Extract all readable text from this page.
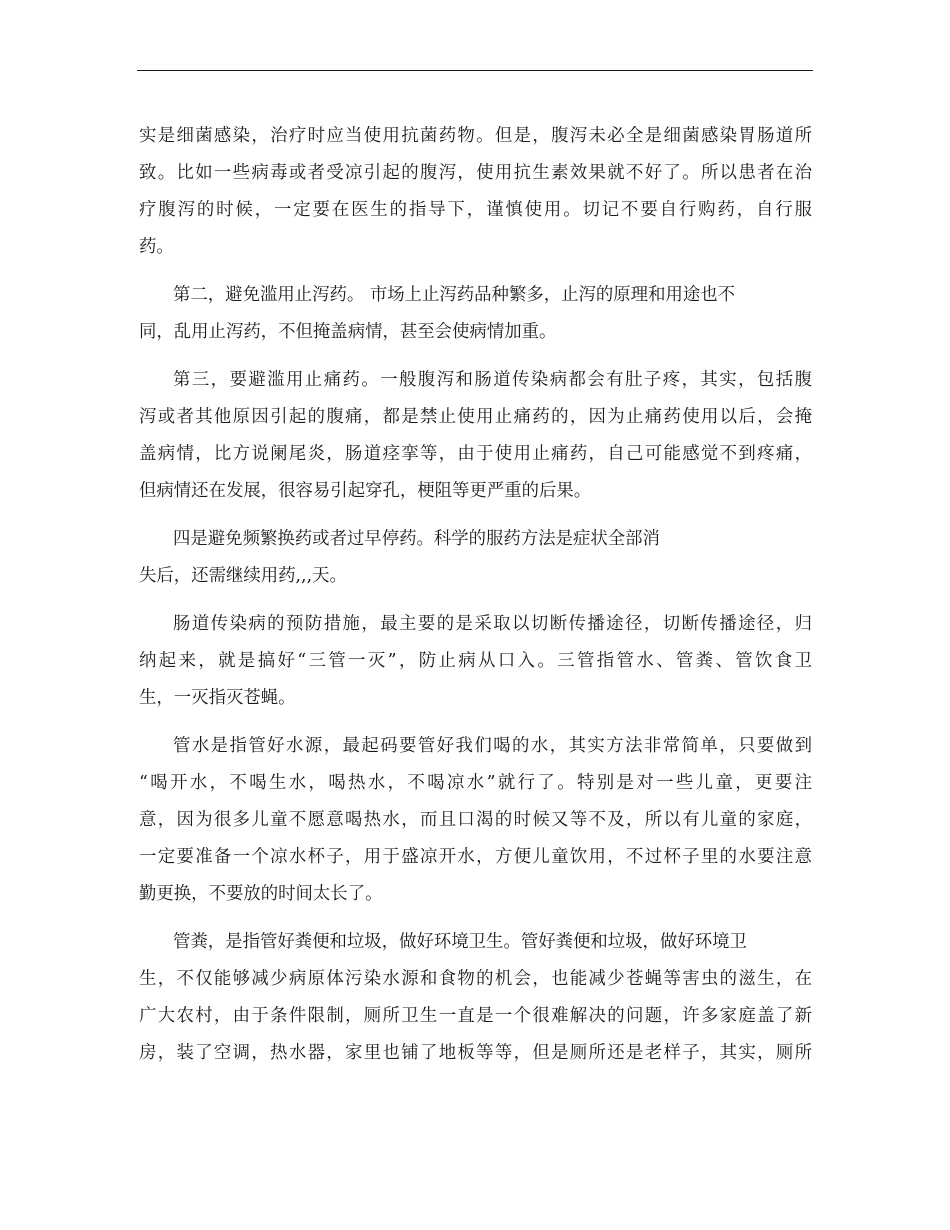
实是细菌感染，治疗时应当使用抗菌药物。但是，腹泻未必全是细菌感染胃肠道所
致。比如一些病毒或者受凉引起的腹泻，使用抗生素效果就不好了。所以患者在治
疗腹泻的时候，一定要在医生的指导下，谨慎使用。切记不要自行购药，自行服
药。
第二，避免滥用止泻药。 市场上止泻药品种繁多，止泻的原理和用途也不
同，乱用止泻药，不但掩盖病情，甚至会使病情加重。
第三，要避滥用止痛药。一般腹泻和肠道传染病都会有肚子疼，其实，包括腹
泻或者其他原因引起的腹痛，都是禁止使用止痛药的，因为止痛药使用以后，会掩
盖病情，比方说阑尾炎，肠道痉挛等，由于使用止痛药，自己可能感觉不到疼痛，
但病情还在发展，很容易引起穿孔，梗阻等更严重的后果。
四是避免频繁换药或者过早停药。科学的服药方法是症状全部消
失后，还需继续用药,,,天。
肠道传染病的预防措施，最主要的是采取以切断传播途径，切断传播途径，归
纳起来，就是搞好“三管一灭”，防止病从口入。三管指管水、管粪、管饮食卫
生，一灭指灭苍蝇。
管水是指管好水源，最起码要管好我们喝的水，其实方法非常简单，只要做到
“喝开水，不喝生水，喝热水，不喝凉水”就行了。特别是对一些儿童，更要注
意，因为很多儿童不愿意喝热水，而且口渴的时候又等不及，所以有儿童的家庭，
一定要准备一个凉水杯子，用于盛凉开水，方便儿童饮用，不过杯子里的水要注意
勤更换，不要放的时间太长了。
管粪，是指管好粪便和垃圾，做好环境卫生。管好粪便和垃圾，做好环境卫
生，不仅能够减少病原体污染水源和食物的机会，也能减少苍蝇等害虫的滋生，在
广大农村，由于条件限制，厕所卫生一直是一个很难解决的问题，许多家庭盖了新
房，装了空调，热水器，家里也铺了地板等等，但是厕所还是老样子，其实，厕所
